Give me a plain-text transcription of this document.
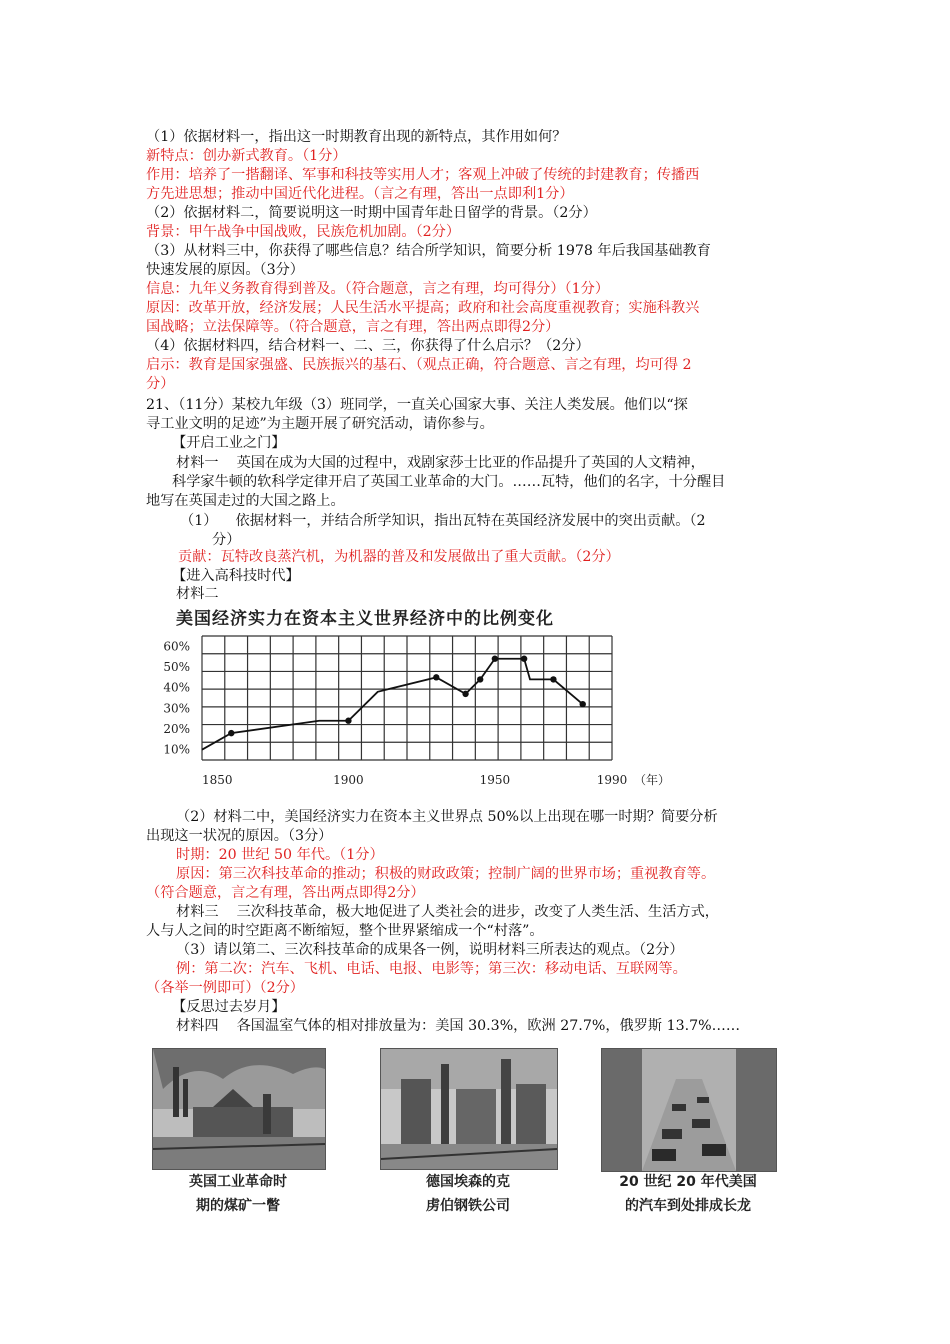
（1）依据材料一，指出这一时期教育出现的新特点，其作用如何？
新特点：创办新式教育。（1分）
作用：培养了一揩翻译、军事和科技等实用人才；客观上冲破了传统的封建教育；传播西
方先进思想；推动中国近代化进程。（言之有理，答出一点即利1分）
（2）依据材料二，简要说明这一时期中国青年赴日留学的背景。（2分）
背景：甲午战争中国战败，民族危机加剧。（2分）
（3）从材料三中，你获得了哪些信息？结合所学知识，简要分析 1978 年后我国基础教育
快速发展的原因。（3分）
信息：九年义务教育得到普及。（符合题意，言之有理，均可得分）（1分）
原因：改革开放，经济发展；人民生活水平提高；政府和社会高度重视教育；实施科教兴
国战略；立法保障等。（符合题意，言之有理，答出两点即得2分）
（4）依据材料四，结合材料一、二、三，你获得了什么启示？（2分）
启示：教育是国家强盛、民族振兴的基石、（观点正确，符合题意、言之有理，均可得 2
分）
21、（11分）某校九年级（3）班同学，一直关心国家大事、关注人类发展。他们以“探
寻工业文明的足迹”为主题开展了研究活动，请你参与。
【开启工业之门】
材料一    英国在成为大国的过程中，戏剧家莎士比亚的作品提升了英国的人文精神，
科学家牛顿的软科学定律开启了英国工业革命的大门。……瓦特，他们的名字，十分醒目
地写在英国走过的大国之路上。
（1）    依据材料一，并结合所学知识，指出瓦特在英国经济发展中的突出贡献。（2
分）
贡献：瓦特改良蒸汽机，为机器的普及和发展做出了重大贡献。（2分）
【进入高科技时代】
材料二
美国经济实力在资本主义世界经济中的比例变化
10%
20%
30%
40%
50%
60%
1850	1900	1950	1990 （年）
（2）材料二中，美国经济实力在资本主义世界点 50%以上出现在哪一时期？简要分析
出现这一状况的原因。（3分）
时期：20 世纪 50 年代。（1分）
原因：第三次科技革命的推动；积极的财政政策；控制广阔的世界市场；重视教育等。
（符合题意，言之有理，答出两点即得2分）
材料三    三次科技革命，极大地促进了人类社会的进步，改变了人类生活、生活方式，
人与人之间的时空距离不断缩短，整个世界紧缩成一个“村落”。
（3）请以第二、三次科技革命的成果各一例，说明材料三所表达的观点。（2分）
例：第二次：汽车、飞机、电话、电报、电影等；第三次：移动电话、互联网等。
（各举一例即可）（2分）
【反思过去岁月】
材料四    各国温室气体的相对排放量为：美国 30.3%，欧洲 27.7%，俄罗斯 13.7%……
英国工业革命时
期的煤矿一瞥
德国埃森的克
虏伯钢铁公司
20 世纪 20 年代美国
的汽车到处排成长龙
